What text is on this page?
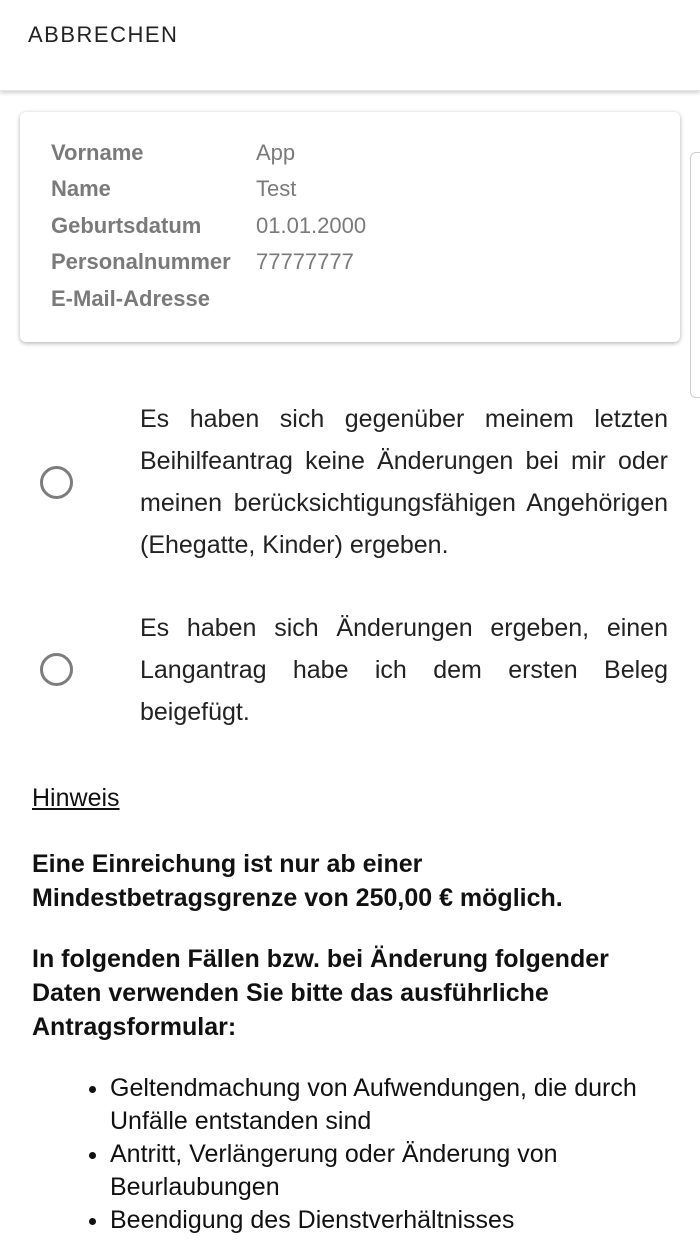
ABBRECHEN
Vorname	App
Name	Test
Geburtsdatum 01.01.2000
Personalnummer 77777777
E-Mail-Adresse
Es haben sich gegenüber meinem letzten Beihilfeantrag keine Änderungen bei mir oder meinen berücksichtigungsfähigen Angehörigen (Ehegatte, Kinder) ergeben.
Es haben sich Änderungen ergeben, einen Langantrag habe ich dem ersten Beleg beigefügt.
Hinweis
Eine Einreichung ist nur ab einer Mindestbetragsgrenze von 250,00 € möglich.
In folgenden Fällen bzw. bei Änderung folgender Daten verwenden Sie bitte das ausführliche Antragsformular:
• Geltendmachung von Aufwendungen, die durch Unfälle entstanden sind
• Antritt, Verlängerung oder Änderung von Beurlaubungen
• Beendigung des Dienstverhältnisses
